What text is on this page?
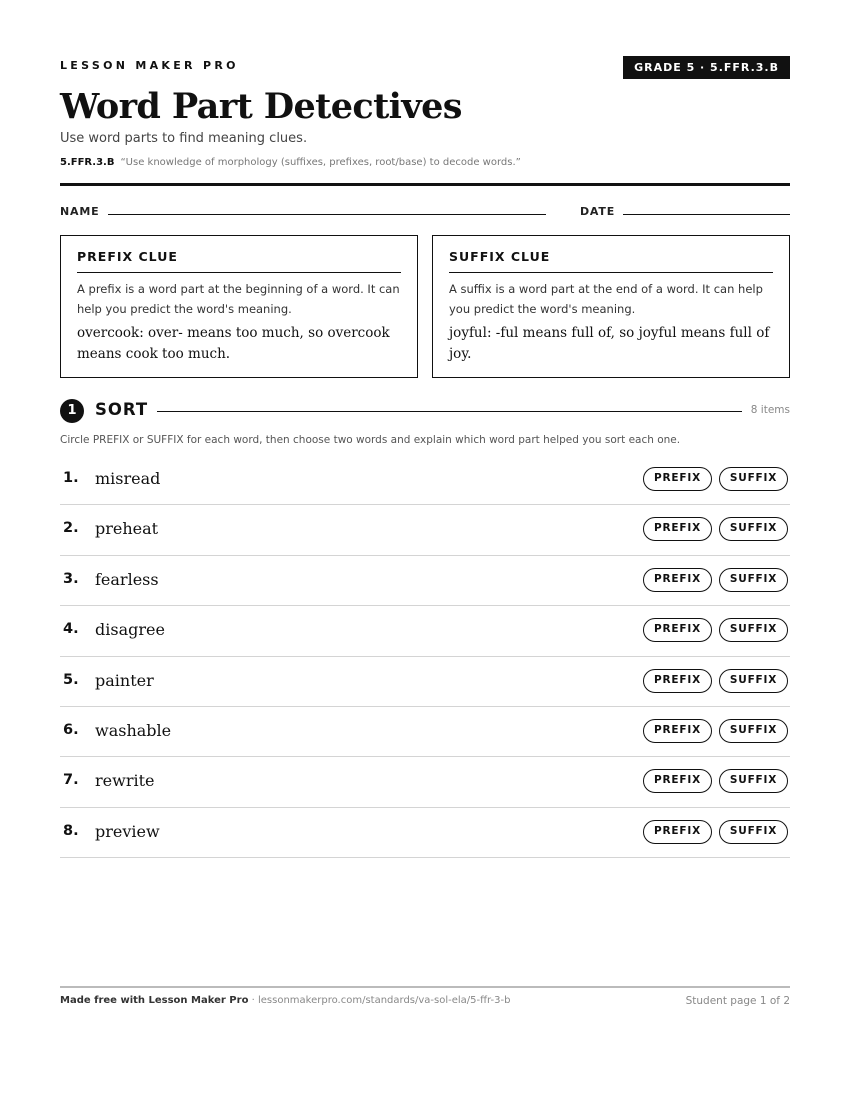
LESSON MAKER PRO	GRADE 5 · 5.FFR.3.B
Word Part Detectives
Use word parts to find meaning clues.
5.FFR.3.B “Use knowledge of morphology (suffixes, prefixes, root/base) to decode words.”
NAME	DATE
PREFIX CLUE
A prefix is a word part at the beginning of a word. It can help you predict the word's meaning.
overcook: over- means too much, so overcook means cook too much.
SUFFIX CLUE
A suffix is a word part at the end of a word. It can help you predict the word's meaning.
joyful: -ful means full of, so joyful means full of joy.
1	SORT	8 items
Circle PREFIX or SUFFIX for each word, then choose two words and explain which word part helped you sort each one.
1. misread	PREFIX	SUFFIX
2. preheat	PREFIX	SUFFIX
3. fearless	PREFIX	SUFFIX
4. disagree	PREFIX	SUFFIX
5. painter	PREFIX	SUFFIX
6. washable	PREFIX	SUFFIX
7. rewrite	PREFIX	SUFFIX
8. preview	PREFIX	SUFFIX
Made free with Lesson Maker Pro · lessonmakerpro.com/standards/va-sol-ela/5-ffr-3-b	Student page 1 of 2
